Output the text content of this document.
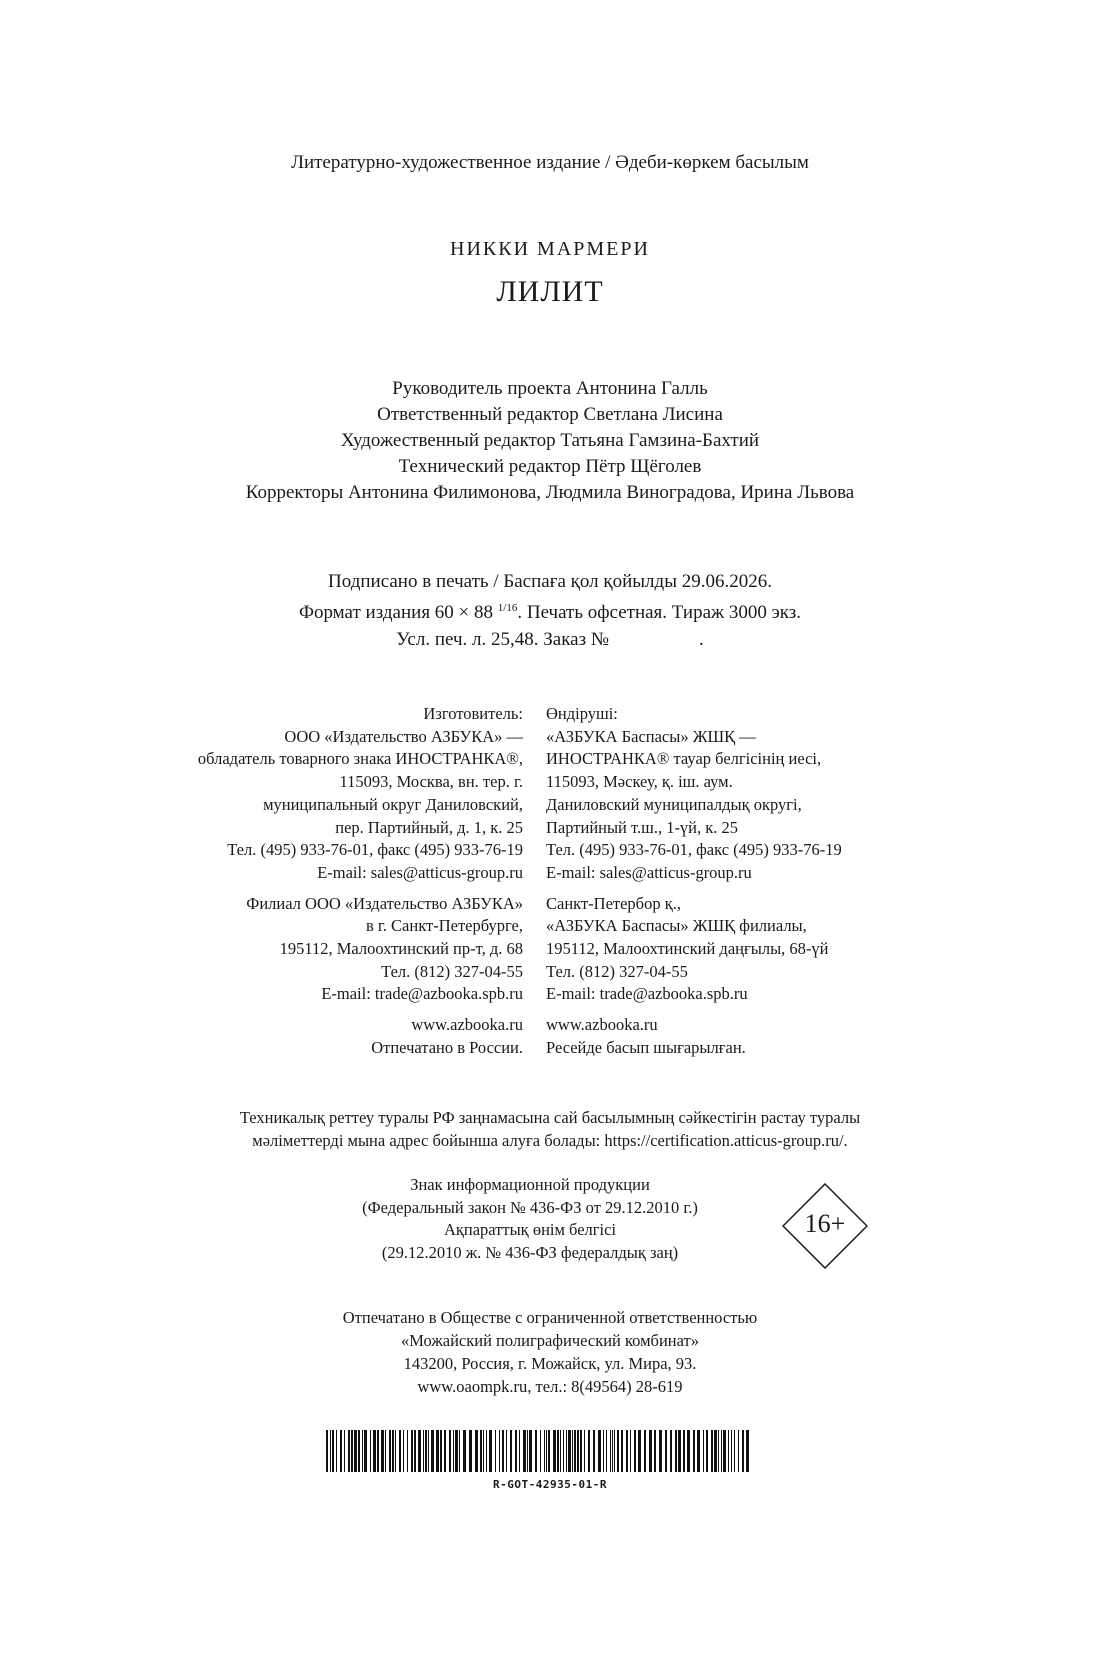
Литературно-художественное издание / Әдеби-көркем басылым
НИККИ МАРМЕРИ
ЛИЛИТ
Руководитель проекта Антонина Галль
Ответственный редактор Светлана Лисина
Художественный редактор Татьяна Гамзина-Бахтий
Технический редактор Пётр Щёголев
Корректоры Антонина Филимонова, Людмила Виноградова, Ирина Львова
Подписано в печать / Баспаға қол қойылды 29.06.2026.
Формат издания 60 × 88 $^{1/16}$. Печать офсетная. Тираж 3000 экз.
Усл. печ. л. 25,48. Заказ №	.
Изготовитель:
ООО «Издательство АЗБУКА» —
обладатель товарного знака ИНОСТРАНКА®,
115093, Москва, вн. тер. г.
муниципальный округ Даниловский,
пер. Партийный, д. 1, к. 25
Тел. (495) 933-76-01, факс (495) 933-76-19
E-mail: sales@atticus-group.ru
Филиал ООО «Издательство АЗБУКА»
в г. Санкт-Петербурге,
195112, Малоохтинский пр-т, д. 68
Тел. (812) 327-04-55
E-mail: trade@azbooka.spb.ru
www.azbooka.ru
Отпечатано в России.
Өндіруші:
«АЗБУКА Баспасы» ЖШҚ —
ИНОСТРАНКА® тауар белгісінің иесі,
115093, Мәскеу, қ. іш. аум.
Даниловский муниципалдық округі,
Партийный т.ш., 1-үй, к. 25
Тел. (495) 933-76-01, факс (495) 933-76-19
E-mail: sales@atticus-group.ru
Санкт-Петербор қ.,
«АЗБУКА Баспасы» ЖШҚ филиалы,
195112, Малоохтинский даңғылы, 68-үй
Тел. (812) 327-04-55
E-mail: trade@azbooka.spb.ru
www.azbooka.ru
Ресейде басып шығарылған.
Техникалық реттеу туралы РФ заңнамасына сай басылымның сәйкестігін растау туралы
мәліметтерді мына адрес бойынша алуға болады: https://certification.atticus-group.ru/.
Знак информационной продукции
(Федеральный закон № 436-ФЗ от 29.12.2010 г.)
Ақпараттық өнім белгісі
(29.12.2010 ж. № 436-ФЗ федералдық заң)
16+
Отпечатано в Обществе с ограниченной ответственностью
«Можайский полиграфический комбинат»
143200, Россия, г. Можайск, ул. Мира, 93.
www.oaompk.ru, тел.: 8(49564) 28-619
R-GOT-42935-01-R
